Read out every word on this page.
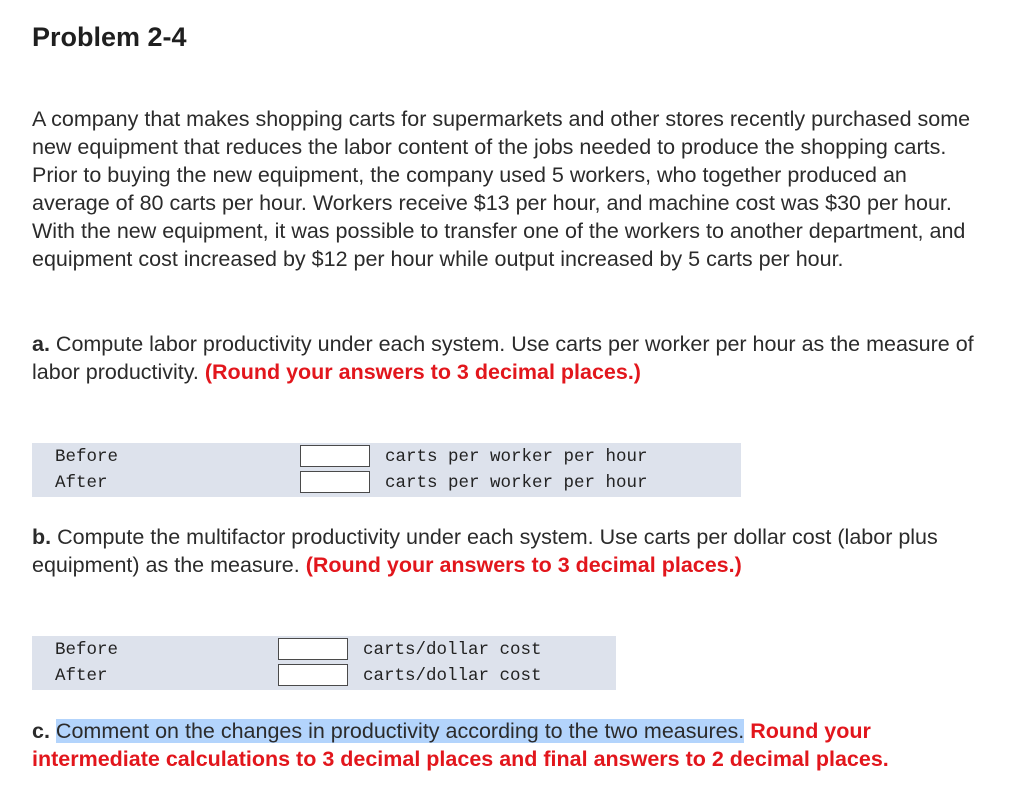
Problem 2-4

A company that makes shopping carts for supermarkets and other stores recently purchased some new equipment that reduces the labor content of the jobs needed to produce the shopping carts. Prior to buying the new equipment, the company used 5 workers, who together produced an average of 80 carts per hour. Workers receive $13 per hour, and machine cost was $30 per hour. With the new equipment, it was possible to transfer one of the workers to another department, and equipment cost increased by $12 per hour while output increased by 5 carts per hour.

a. Compute labor productivity under each system. Use carts per worker per hour as the measure of labor productivity. (Round your answers to 3 decimal places.)

Before	carts per worker per hour
After	carts per worker per hour

b. Compute the multifactor productivity under each system. Use carts per dollar cost (labor plus equipment) as the measure. (Round your answers to 3 decimal places.)

Before	carts/dollar cost
After	carts/dollar cost

c. Comment on the changes in productivity according to the two measures. Round your intermediate calculations to 3 decimal places and final answers to 2 decimal places.
